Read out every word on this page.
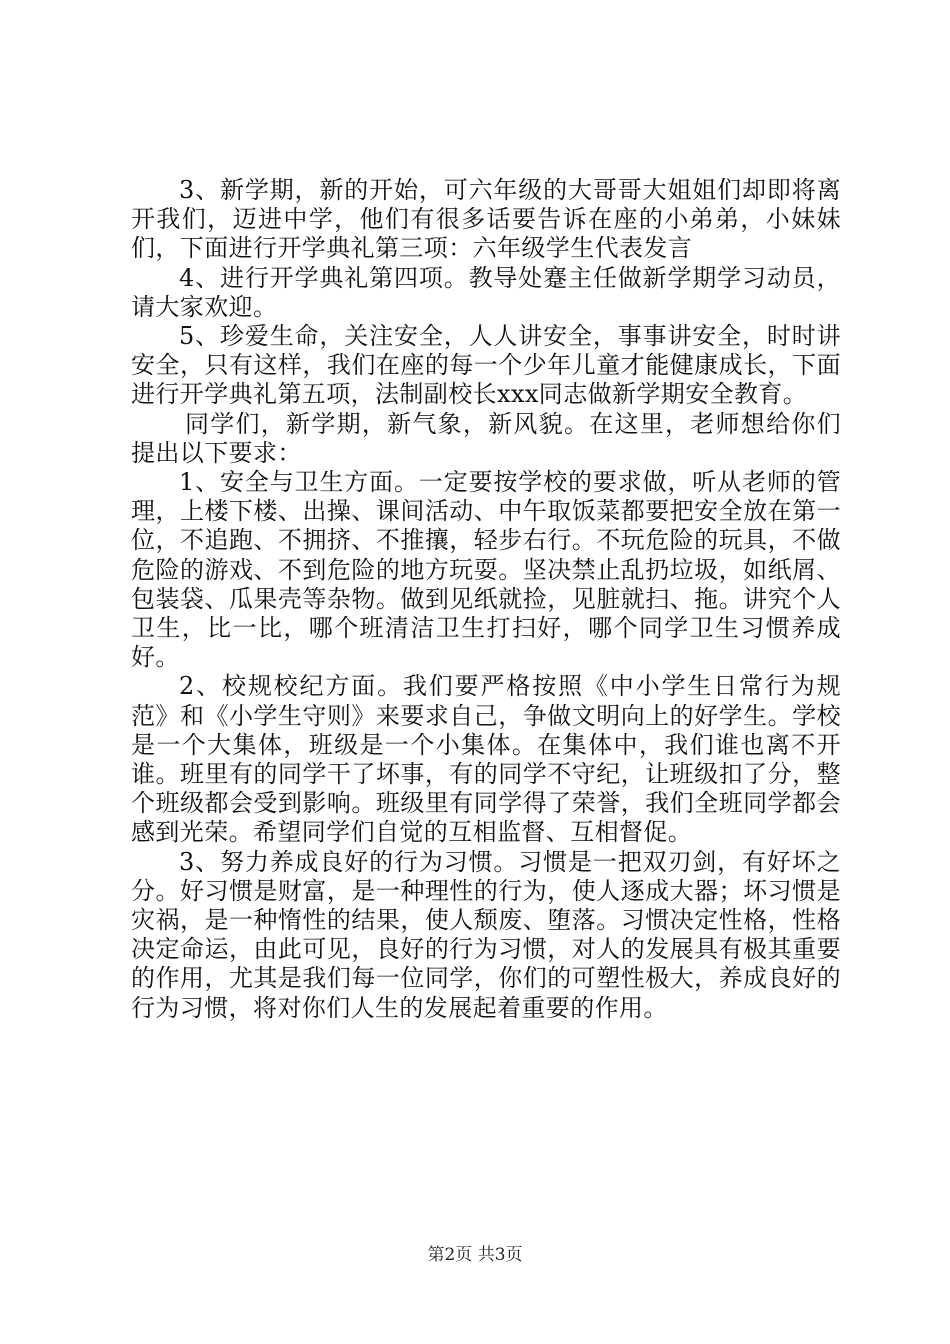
3、新学期，新的开始，可六年级的大哥哥大姐姐们却即将离开我们，迈进中学，他们有很多话要告诉在座的小弟弟，小妹妹们，下面进行开学典礼第三项：六年级学生代表发言

4、进行开学典礼第四项。教导处蹇主任做新学期学习动员，请大家欢迎。

5、珍爱生命，关注安全，人人讲安全，事事讲安全，时时讲安全，只有这样，我们在座的每一个少年儿童才能健康成长，下面进行开学典礼第五项，法制副校长xxx同志做新学期安全教育。

同学们，新学期，新气象，新风貌。在这里，老师想给你们提出以下要求：

1、安全与卫生方面。一定要按学校的要求做，听从老师的管理，上楼下楼、出操、课间活动、中午取饭菜都要把安全放在第一位，不追跑、不拥挤、不推攘，轻步右行。不玩危险的玩具，不做危险的游戏、不到危险的地方玩耍。坚决禁止乱扔垃圾，如纸屑、包装袋、瓜果壳等杂物。做到见纸就捡，见脏就扫、拖。讲究个人卫生，比一比，哪个班清洁卫生打扫好，哪个同学卫生习惯养成好。

2、校规校纪方面。我们要严格按照《中小学生日常行为规范》和《小学生守则》来要求自己，争做文明向上的好学生。学校是一个大集体，班级是一个小集体。在集体中，我们谁也离不开谁。班里有的同学干了坏事，有的同学不守纪，让班级扣了分，整个班级都会受到影响。班级里有同学得了荣誉，我们全班同学都会感到光荣。希望同学们自觉的互相监督、互相督促。

3、努力养成良好的行为习惯。习惯是一把双刃剑，有好坏之分。好习惯是财富，是一种理性的行为，使人逐成大器；坏习惯是灾祸，是一种惰性的结果，使人颓废、堕落。习惯决定性格，性格决定命运，由此可见，良好的行为习惯，对人的发展具有极其重要的作用，尤其是我们每一位同学，你们的可塑性极大，养成良好的行为习惯，将对你们人生的发展起着重要的作用。

第2页 共3页
